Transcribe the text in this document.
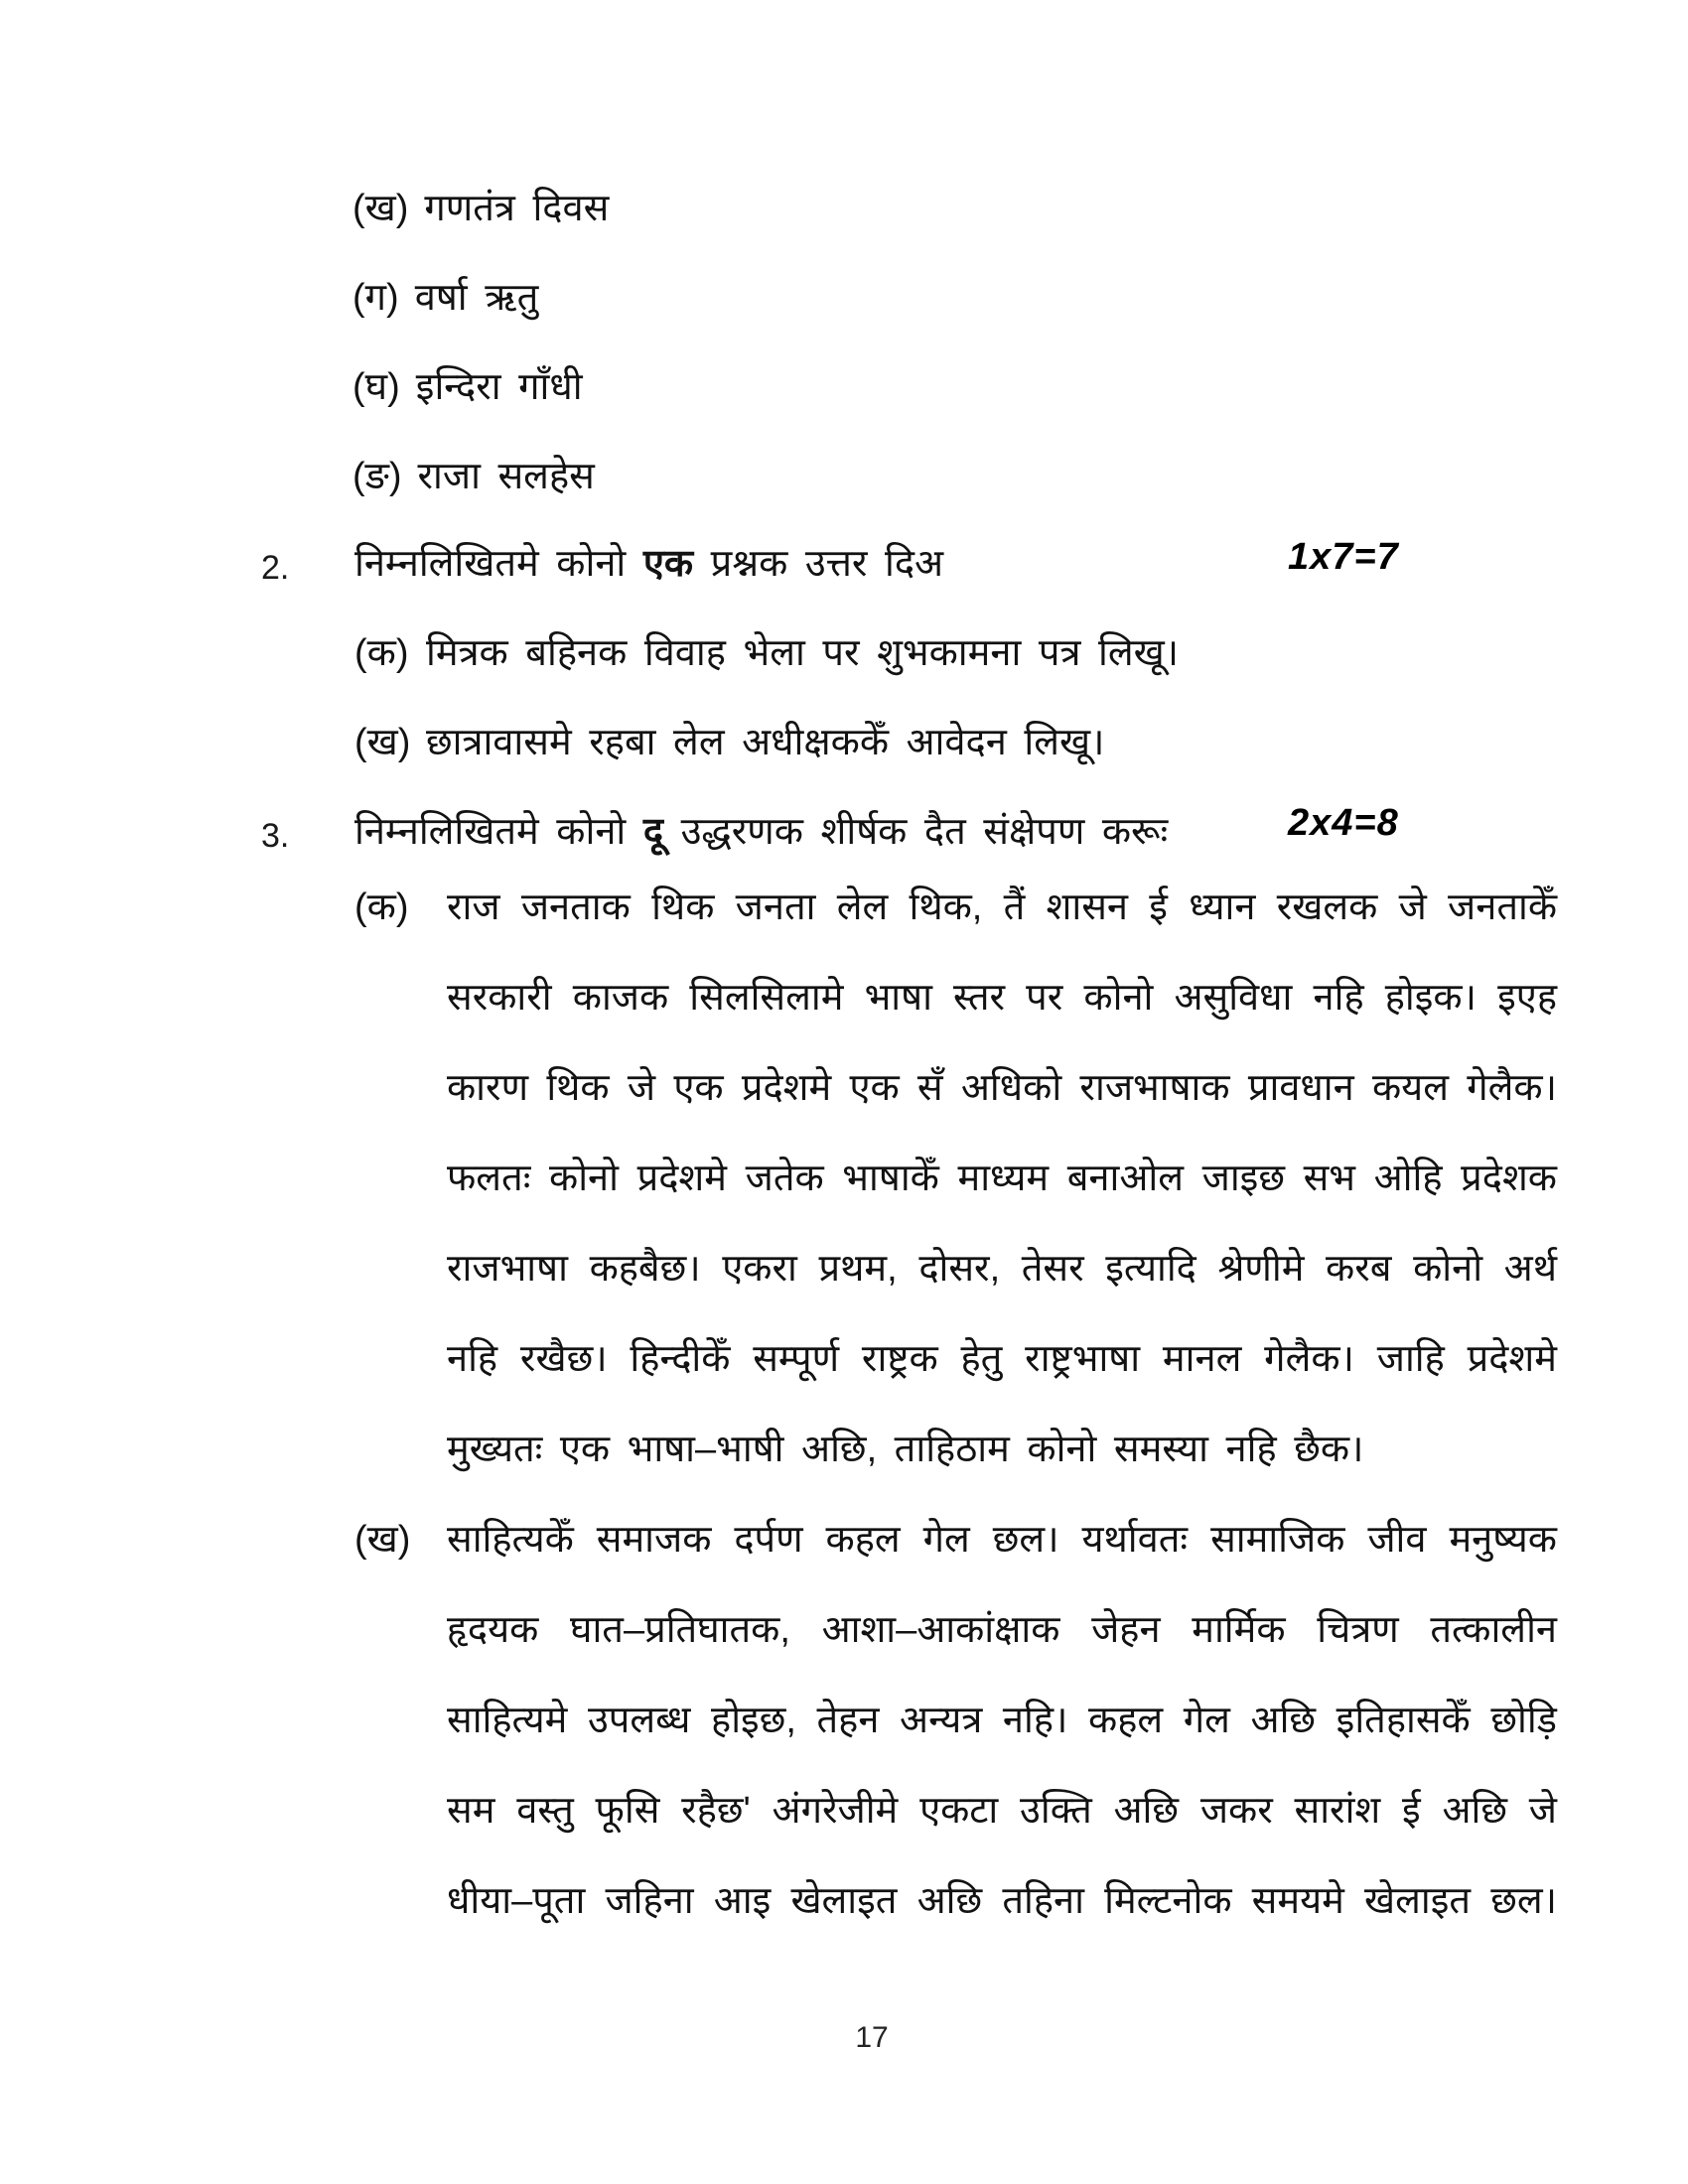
(ख) गणतंत्र दिवस
(ग) वर्षा ऋतु
(घ) इन्दिरा गाँधी
(ङ) राजा सलहेस
2. निम्नलिखितमे कोनो एक प्रश्नक उत्तर दिअ	1x7=7
(क) मित्रक बहिनक विवाह भेला पर शुभकामना पत्र लिखू।
(ख) छात्रावासमे रहबा लेल अधीक्षककेँ आवेदन लिखू।
3. निम्नलिखितमे कोनो दू उद्धरणक शीर्षक दैत संक्षेपण करूः	2x4=8
(क) राज जनताक थिक जनता लेल थिक, तैं शासन ई ध्यान रखलक जे जनताकेँ
सरकारी काजक सिलसिलामे भाषा स्तर पर कोनो असुविधा नहि होइक। इएह
कारण थिक जे एक प्रदेशमे एक सँ अधिको राजभाषाक प्रावधान कयल गेलैक।
फलतः कोनो प्रदेशमे जतेक भाषाकेँ माध्यम बनाओल जाइछ सभ ओहि प्रदेशक
राजभाषा कहबैछ। एकरा प्रथम, दोसर, तेसर इत्यादि श्रेणीमे करब कोनो अर्थ
नहि रखैछ। हिन्दीकेँ सम्पूर्ण राष्ट्रक हेतु राष्ट्रभाषा मानल गेलैक। जाहि प्रदेशमे
मुख्यतः एक भाषा–भाषी अछि, ताहिठाम कोनो समस्या नहि छैक।
(ख) साहित्यकेँ समाजक दर्पण कहल गेल छल। यर्थावतः सामाजिक जीव मनुष्यक
हृदयक घात–प्रतिघातक, आशा–आकांक्षाक जेहन मार्मिक चित्रण तत्कालीन
साहित्यमे उपलब्ध होइछ, तेहन अन्यत्र नहि। कहल गेल अछि इतिहासकेँ छोड़ि
सम वस्तु फूसि रहैछ' अंगरेजीमे एकटा उक्ति अछि जकर सारांश ई अछि जे
धीया–पूता जहिना आइ खेलाइत अछि तहिना मिल्टनोक समयमे खेलाइत छल।
17
